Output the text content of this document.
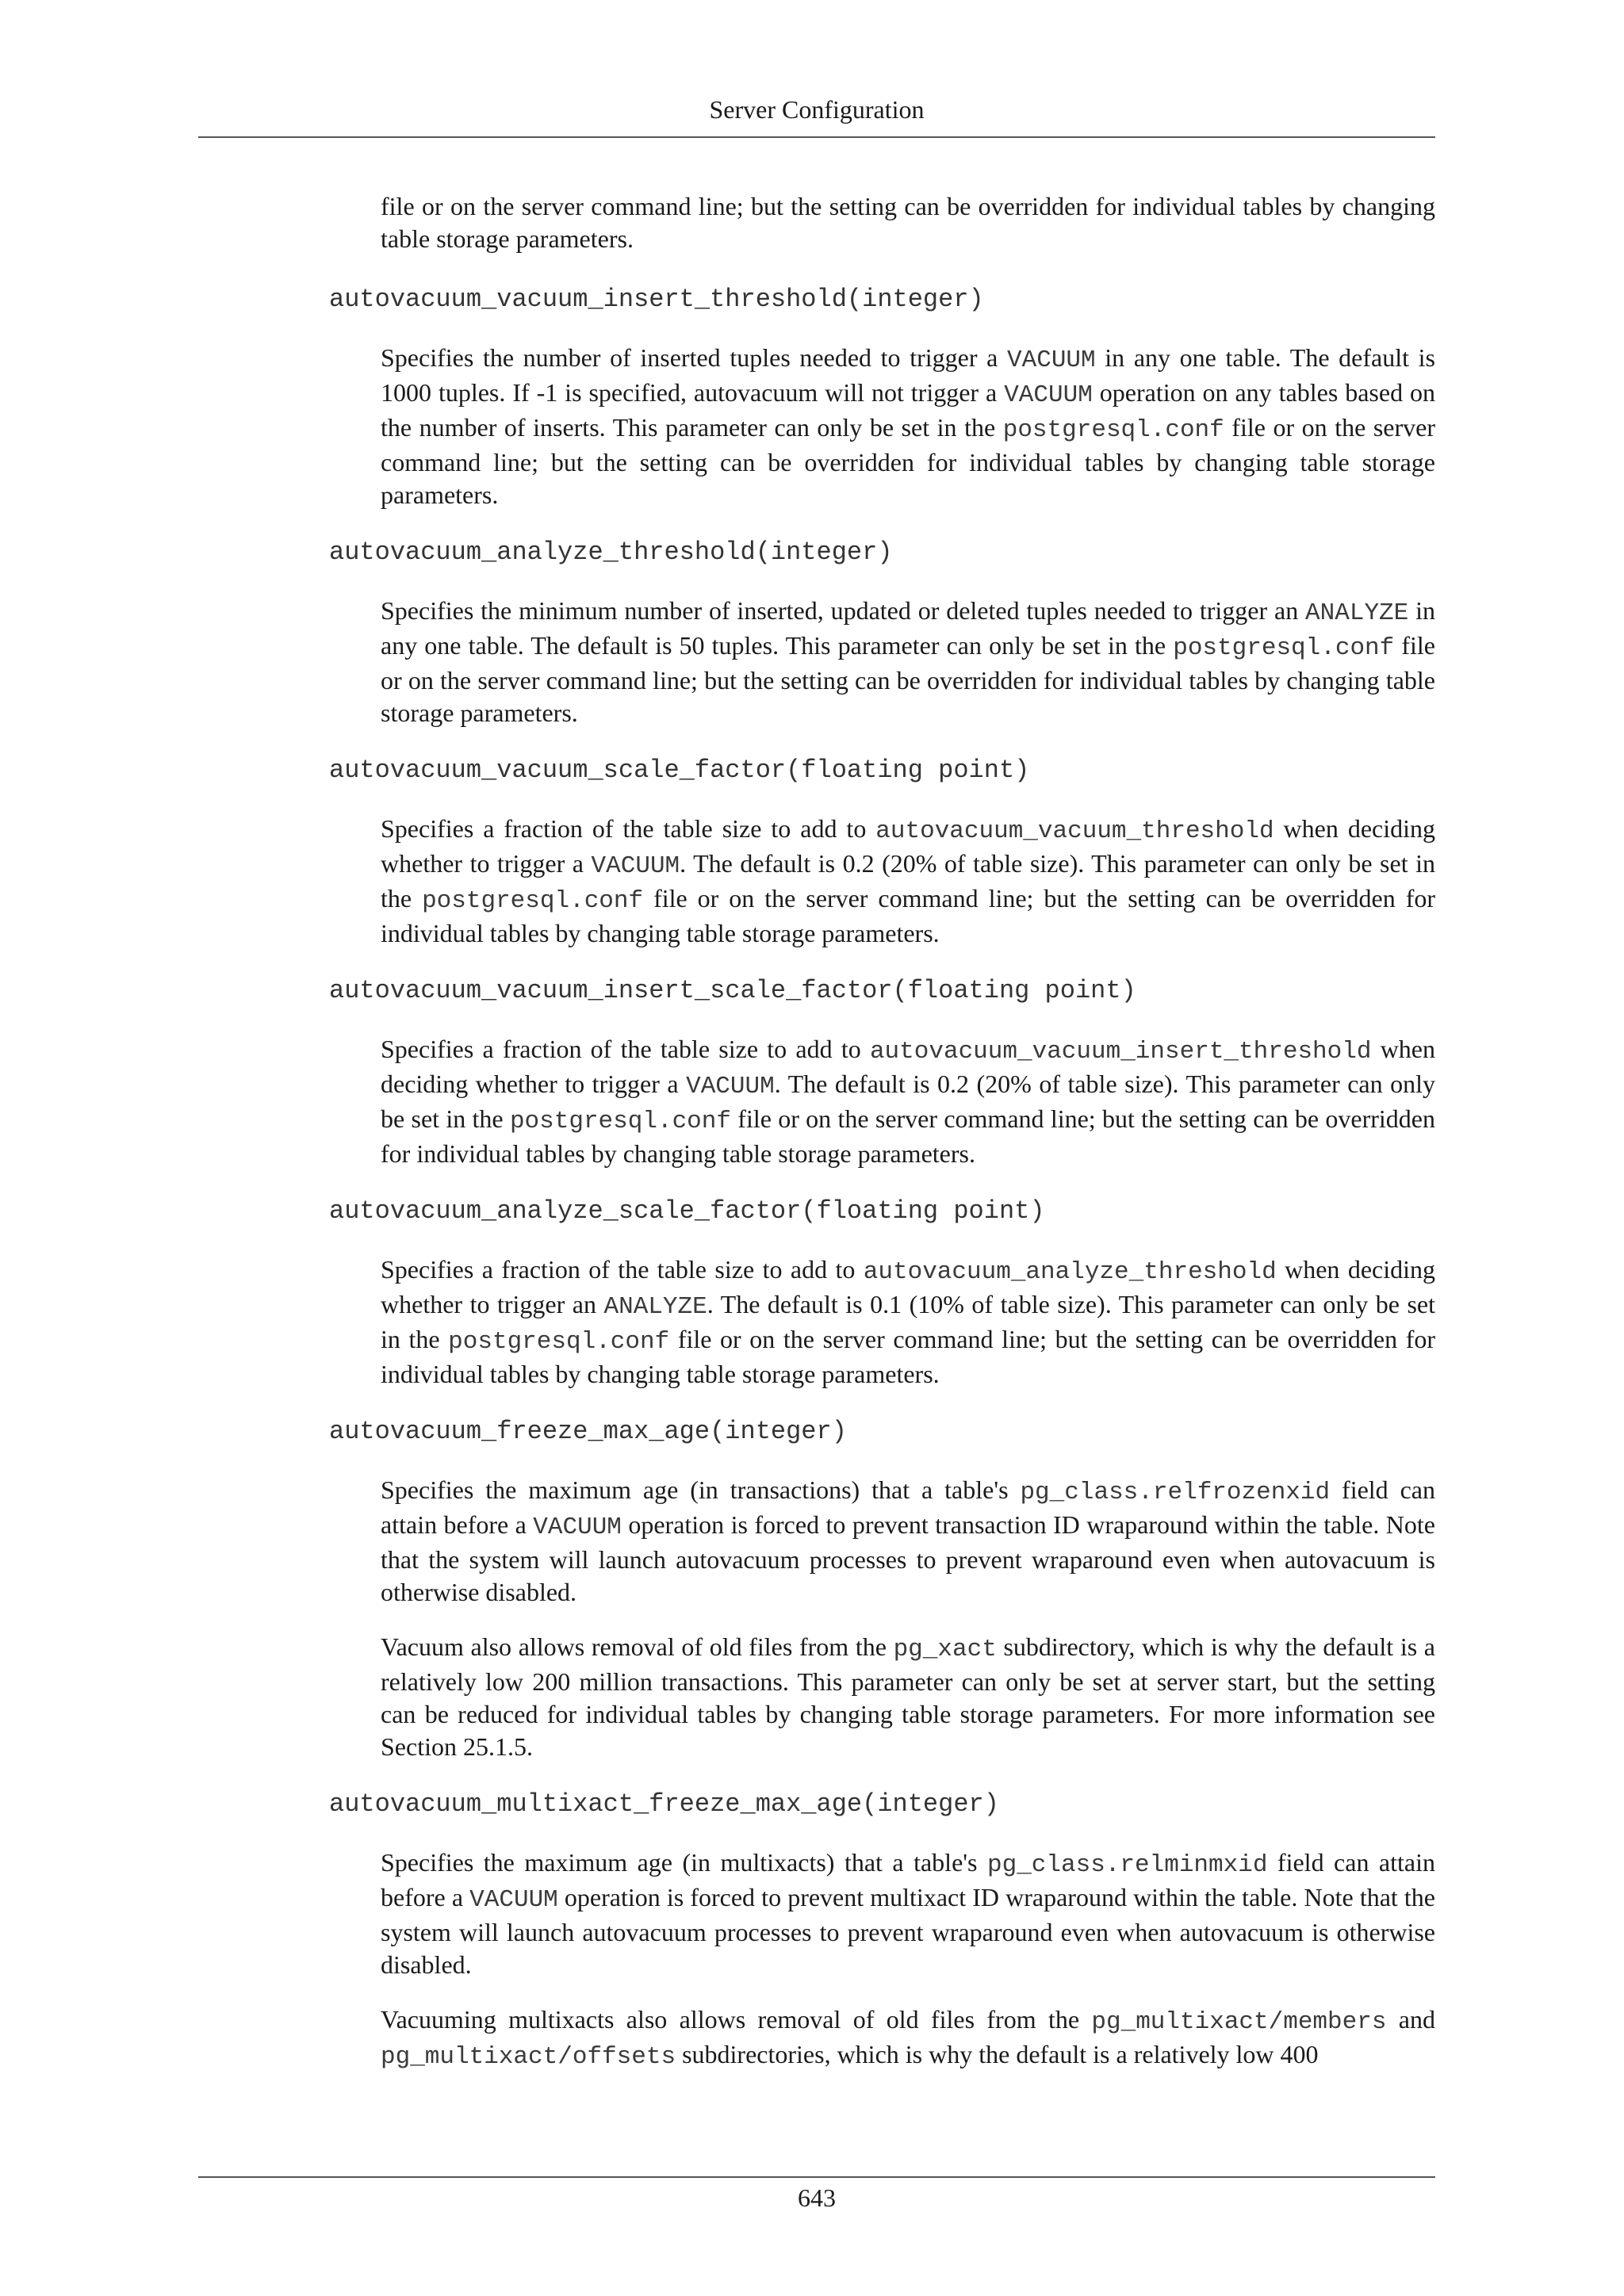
Server Configuration

file or on the server command line; but the setting can be overridden for individual tables by changing table storage parameters.

autovacuum_vacuum_insert_threshold(integer)

Specifies the number of inserted tuples needed to trigger a VACUUM in any one table. The default is 1000 tuples. If -1 is specified, autovacuum will not trigger a VACUUM operation on any tables based on the number of inserts. This parameter can only be set in the postgresql.conf file or on the server command line; but the setting can be overridden for individual tables by changing table storage parameters.

autovacuum_analyze_threshold(integer)

Specifies the minimum number of inserted, updated or deleted tuples needed to trigger an ANALYZE in any one table. The default is 50 tuples. This parameter can only be set in the postgresql.conf file or on the server command line; but the setting can be overridden for individual tables by changing table storage parameters.

autovacuum_vacuum_scale_factor(floating point)

Specifies a fraction of the table size to add to autovacuum_vacuum_threshold when deciding whether to trigger a VACUUM. The default is 0.2 (20% of table size). This parameter can only be set in the postgresql.conf file or on the server command line; but the setting can be overridden for individual tables by changing table storage parameters.

autovacuum_vacuum_insert_scale_factor(floating point)

Specifies a fraction of the table size to add to autovacuum_vacuum_insert_threshold when deciding whether to trigger a VACUUM. The default is 0.2 (20% of table size). This parameter can only be set in the postgresql.conf file or on the server command line; but the setting can be overridden for individual tables by changing table storage parameters.

autovacuum_analyze_scale_factor(floating point)

Specifies a fraction of the table size to add to autovacuum_analyze_threshold when deciding whether to trigger an ANALYZE. The default is 0.1 (10% of table size). This parameter can only be set in the postgresql.conf file or on the server command line; but the setting can be overridden for individual tables by changing table storage parameters.

autovacuum_freeze_max_age(integer)

Specifies the maximum age (in transactions) that a table's pg_class.relfrozenxid field can attain before a VACUUM operation is forced to prevent transaction ID wraparound within the table. Note that the system will launch autovacuum processes to prevent wraparound even when autovacuum is otherwise disabled.

Vacuum also allows removal of old files from the pg_xact subdirectory, which is why the default is a relatively low 200 million transactions. This parameter can only be set at server start, but the setting can be reduced for individual tables by changing table storage parameters. For more information see Section 25.1.5.

autovacuum_multixact_freeze_max_age(integer)

Specifies the maximum age (in multixacts) that a table's pg_class.relminmxid field can attain before a VACUUM operation is forced to prevent multixact ID wraparound within the table. Note that the system will launch autovacuum processes to prevent wraparound even when autovacuum is otherwise disabled.

Vacuuming multixacts also allows removal of old files from the pg_multixact/members and pg_multixact/offsets subdirectories, which is why the default is a relatively low 400

643
